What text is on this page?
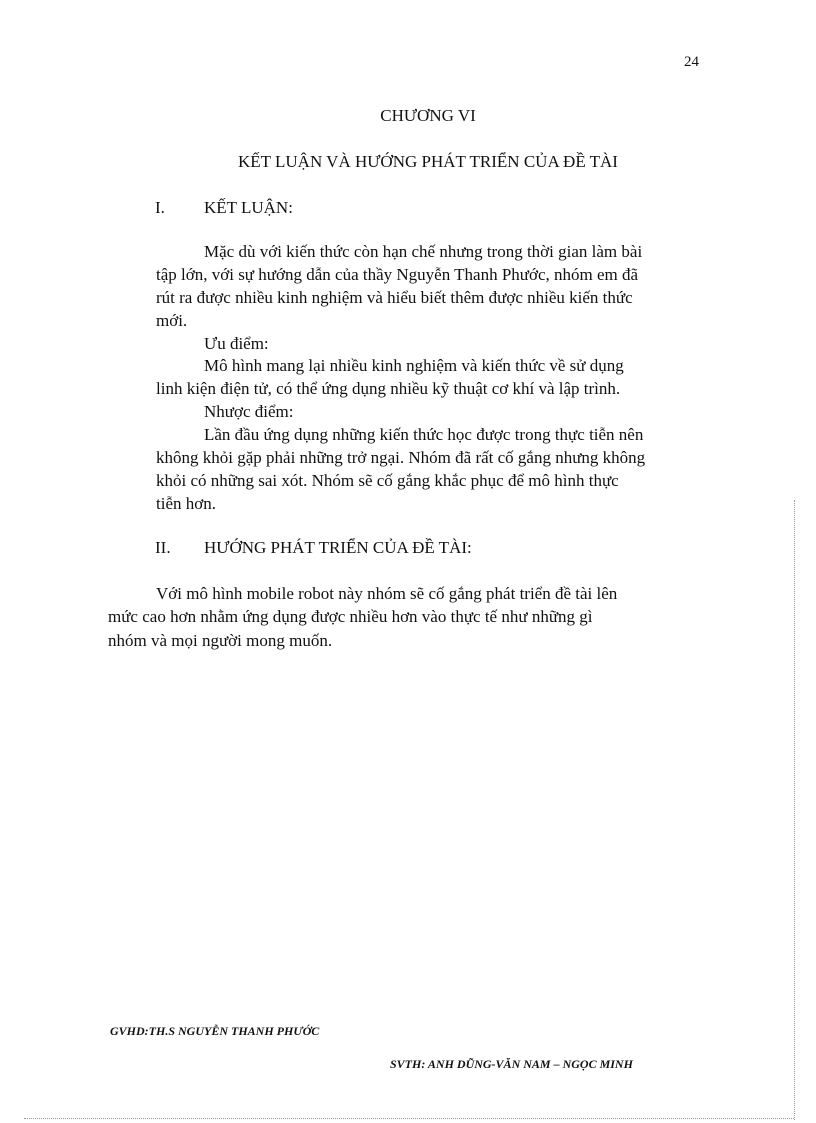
24
CHƯƠNG VI
KẾT LUẬN VÀ HƯỚNG PHÁT TRIỂN CỦA ĐỀ TÀI
I.	KẾT LUẬN:
Mặc dù với kiến thức còn hạn chế nhưng trong thời gian làm bài
tập lớn, với sự hướng dẫn của thầy Nguyễn Thanh Phước, nhóm em đã
rút ra được nhiều kinh nghiệm và hiểu biết thêm được nhiều kiến thức
mới.
Ưu điểm:
Mô hình mang lại nhiều kinh nghiệm và kiến thức về sử dụng
linh kiện điện tử, có thể ứng dụng nhiều kỹ thuật cơ khí và lập trình.
Nhược điểm:
Lần đầu ứng dụng những kiến thức học được trong thực tiễn nên
không khỏi gặp phải những trở ngại. Nhóm đã rất cố gắng nhưng không
khỏi có những sai xót. Nhóm sẽ cố gắng khắc phục để mô hình thực
tiễn hơn.
II.	HƯỚNG PHÁT TRIỂN CỦA ĐỀ TÀI:
Với mô hình mobile robot này nhóm sẽ cố gắng phát triển đề tài lên
mức cao hơn nhằm ứng dụng được nhiều hơn vào thực tế như những gì
nhóm và mọi người mong muốn.
GVHD:TH.S NGUYỄN THANH PHƯỚC
SVTH: ANH DŨNG-VĂN NAM – NGỌC MINH
